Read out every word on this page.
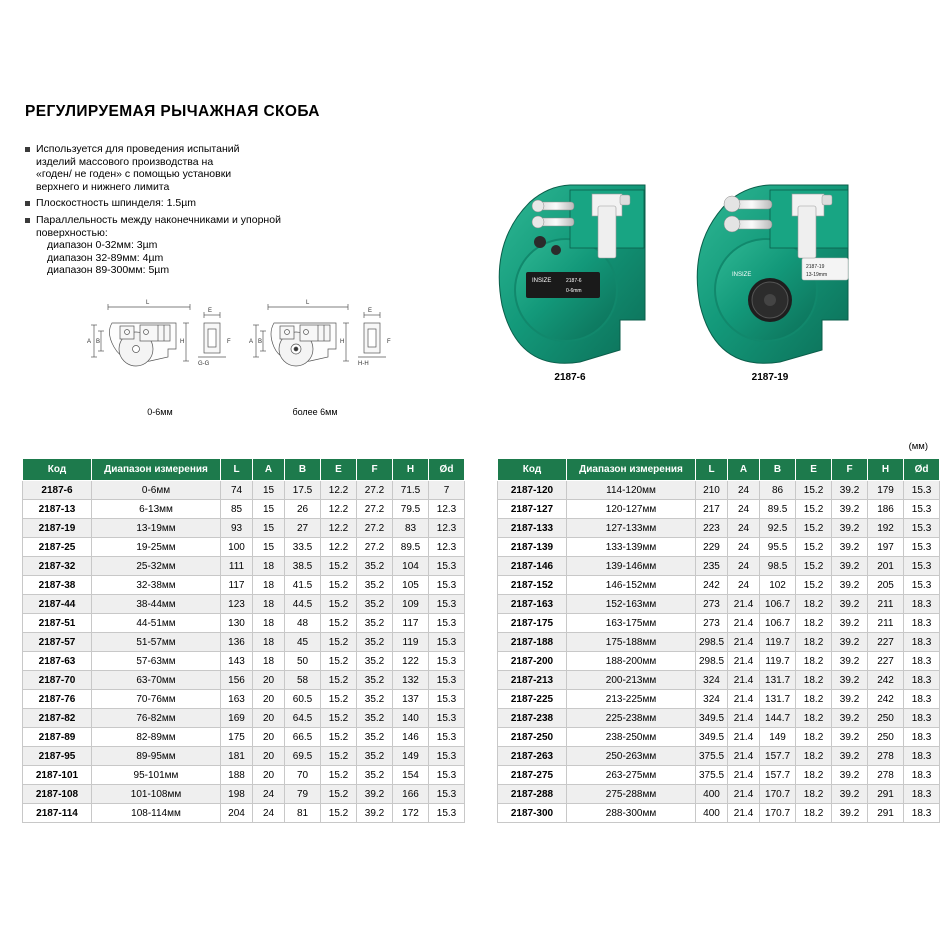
РЕГУЛИРУЕМАЯ РЫЧАЖНАЯ СКОБА
Используется для проведения испытаний
изделий массового производства на
«годен/ не годен» с помощью установки
верхнего и нижнего лимита
Плоскостность шпинделя: 1.5µm
Параллельность между наконечниками и упорной поверхностью:
диапазон 0-32мм: 3µm
диапазон 32-89мм: 4µm
диапазон 89-300мм: 5µm
L
A B
E
F
H
G-G
L
A B
E
F
H
H-H
0-6мм	более 6мм
INSIZE	2187-6
0-6mm
2187-19
13-19mm
INSIZE
2187-6	2187-19
(мм)
Код	Диапазон измерения	L	A	B	E	F	H	Ød
2187-6	0-6мм	74	15	17.5	12.2	27.2	71.5	7
2187-13	6-13мм	85	15	26	12.2	27.2	79.5	12.3
2187-19	13-19мм	93	15	27	12.2	27.2	83	12.3
2187-25	19-25мм	100	15	33.5	12.2	27.2	89.5	12.3
2187-32	25-32мм	111	18	38.5	15.2	35.2	104	15.3
2187-38	32-38мм	117	18	41.5	15.2	35.2	105	15.3
2187-44	38-44мм	123	18	44.5	15.2	35.2	109	15.3
2187-51	44-51мм	130	18	48	15.2	35.2	117	15.3
2187-57	51-57мм	136	18	45	15.2	35.2	119	15.3
2187-63	57-63мм	143	18	50	15.2	35.2	122	15.3
2187-70	63-70мм	156	20	58	15.2	35.2	132	15.3
2187-76	70-76мм	163	20	60.5	15.2	35.2	137	15.3
2187-82	76-82мм	169	20	64.5	15.2	35.2	140	15.3
2187-89	82-89мм	175	20	66.5	15.2	35.2	146	15.3
2187-95	89-95мм	181	20	69.5	15.2	35.2	149	15.3
2187-101	95-101мм	188	20	70	15.2	35.2	154	15.3
2187-108	101-108мм	198	24	79	15.2	39.2	166	15.3
2187-114	108-114мм	204	24	81	15.2	39.2	172	15.3
Код	Диапазон измерения	L	A	B	E	F	H	Ød
2187-120	114-120мм	210	24	86	15.2	39.2	179	15.3
2187-127	120-127мм	217	24	89.5	15.2	39.2	186	15.3
2187-133	127-133мм	223	24	92.5	15.2	39.2	192	15.3
2187-139	133-139мм	229	24	95.5	15.2	39.2	197	15.3
2187-146	139-146мм	235	24	98.5	15.2	39.2	201	15.3
2187-152	146-152мм	242	24	102	15.2	39.2	205	15.3
2187-163	152-163мм	273	21.4	106.7	18.2	39.2	211	18.3
2187-175	163-175мм	273	21.4	106.7	18.2	39.2	211	18.3
2187-188	175-188мм	298.5	21.4	119.7	18.2	39.2	227	18.3
2187-200	188-200мм	298.5	21.4	119.7	18.2	39.2	227	18.3
2187-213	200-213мм	324	21.4	131.7	18.2	39.2	242	18.3
2187-225	213-225мм	324	21.4	131.7	18.2	39.2	242	18.3
2187-238	225-238мм	349.5	21.4	144.7	18.2	39.2	250	18.3
2187-250	238-250мм	349.5	21.4	149	18.2	39.2	250	18.3
2187-263	250-263мм	375.5	21.4	157.7	18.2	39.2	278	18.3
2187-275	263-275мм	375.5	21.4	157.7	18.2	39.2	278	18.3
2187-288	275-288мм	400	21.4	170.7	18.2	39.2	291	18.3
2187-300	288-300мм	400	21.4	170.7	18.2	39.2	291	18.3
